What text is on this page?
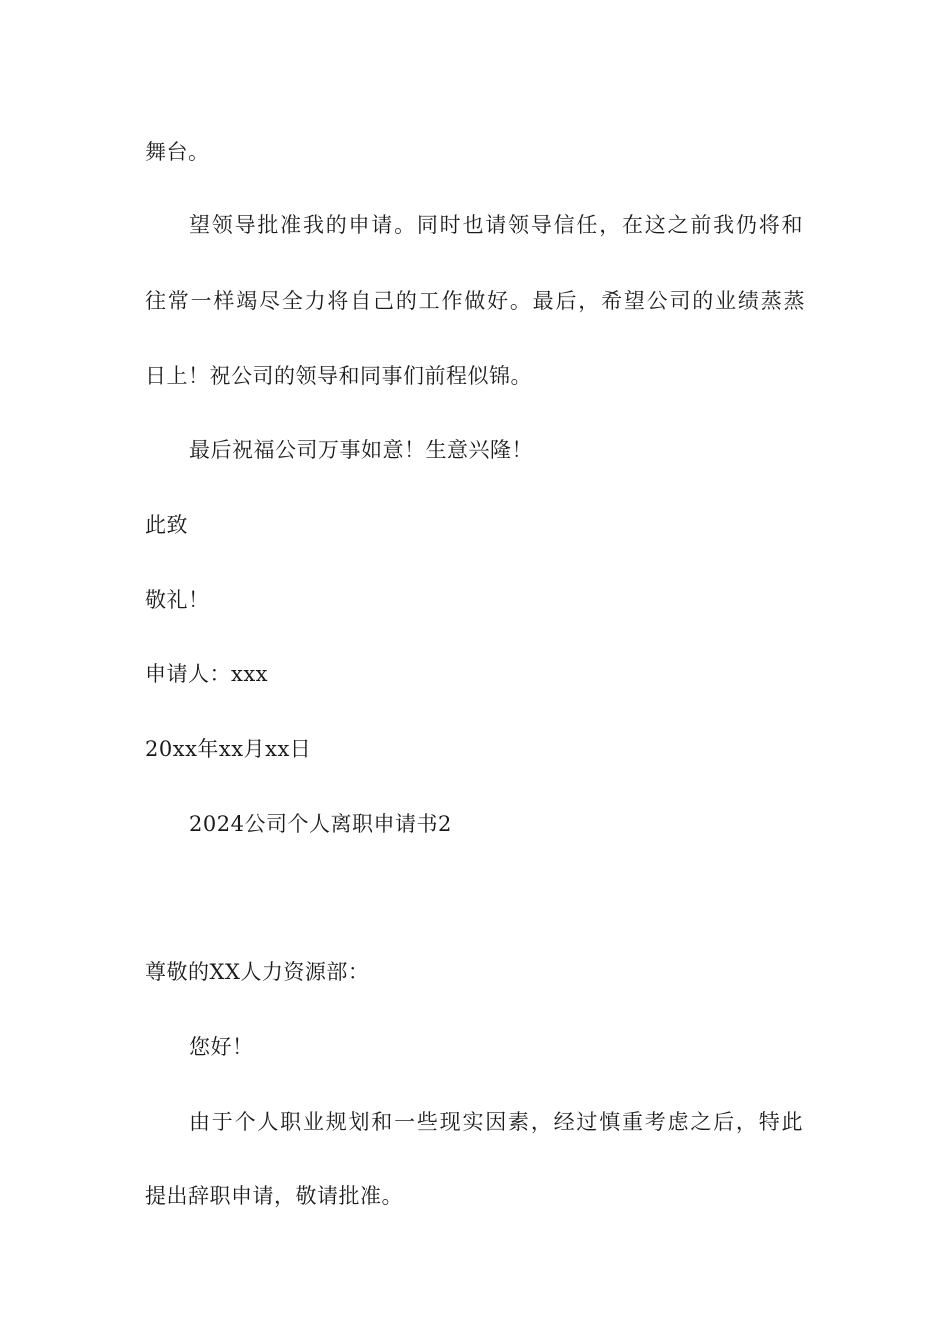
舞台。
望领导批准我的申请。同时也请领导信任，在这之前我仍将和
往常一样竭尽全力将自己的工作做好。最后，希望公司的业绩蒸蒸
日上！祝公司的领导和同事们前程似锦。
最后祝福公司万事如意！生意兴隆！
此致
敬礼！
申请人：xxx
20xx年xx月xx日
2024公司个人离职申请书2
尊敬的XX人力资源部：
您好！
由于个人职业规划和一些现实因素，经过慎重考虑之后，特此
提出辞职申请，敬请批准。
